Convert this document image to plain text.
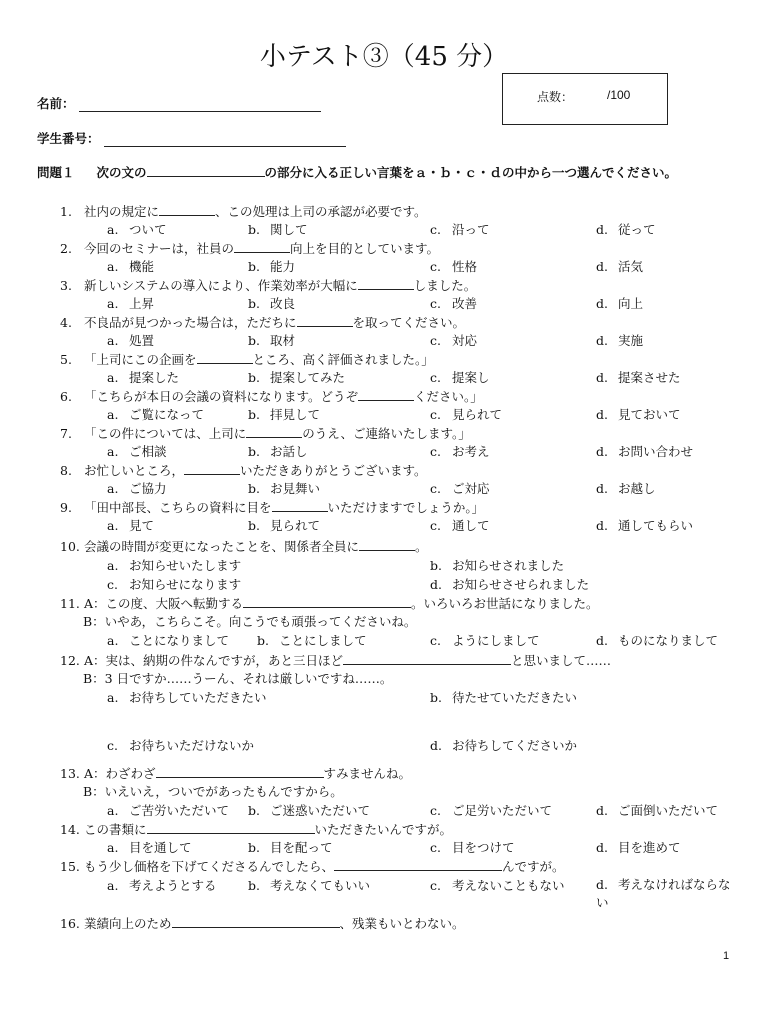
小テスト③（45 分）
点数：	/100
名前：
学生番号：
問題１ 次の文の	の部分に入る正しい言葉をａ・ｂ・ｃ・ｄの中から一つ選んでください。
1. 社内の規定に	、この処理は上司の承認が必要です。
a. ついて	b. 関して	c. 沿って	d. 従って
2. 今回のセミナーは，社員の	向上を目的としています。
a. 機能	b. 能力	c. 性格	d. 活気
3. 新しいシステムの導入により、作業効率が大幅に	しました。
a. 上昇	b. 改良	c. 改善	d. 向上
4. 不良品が見つかった場合は，ただちに	を取ってください。
a. 処置	b. 取材	c. 対応	d. 実施
5. 「上司にこの企画を	ところ、高く評価されました。」
a. 提案した	b. 提案してみた	c. 提案し	d. 提案させた
6. 「こちらが本日の会議の資料になります。どうぞ	ください。」
a. ご覧になって	b. 拝見して	c. 見られて	d. 見ておいて
7. 「この件については、上司に	のうえ、ご連絡いたします。」
a. ご相談	b. お話し	c. お考え	d. お問い合わせ
8. お忙しいところ，	いただきありがとうございます。
a. ご協力	b. お見舞い	c. ご対応	d. お越し
9. 「田中部長、こちらの資料に目を	いただけますでしょうか。」
a. 見て	b. 見られて	c. 通して	d. 通してもらい
10. 会議の時間が変更になったことを、関係者全員に	。
a. お知らせいたします	b. お知らせされました
c. お知らせになります	d. お知らせさせられました
11. A：この度、大阪へ転勤する	。いろいろお世話になりました。
B：いやあ，こちらこそ。向こうでも頑張ってくださいね。
a. ことになりまして b. ことにしまして	c. ようにしまして	d. ものになりまして
12. A：実は、納期の件なんですが，あと三日ほど	と思いまして……
B：3 日ですか……うーん、それは厳しいですね……。
a. お待ちしていただきたい	b. 待たせていただきたい
c. お待ちいただけないか	d. お待ちしてくださいか
13. A：わざわざ	すみませんね。
B：いえいえ，ついでがあったもんですから。
a. ご苦労いただいて b. ご迷惑いただいて	c. ご足労いただいて	d. ご面倒いただいて
14. この書類に	いただきたいんですが。
a. 目を通して	b. 目を配って	c. 目をつけて	d. 目を進めて
15. もう少し価格を下げてくださるんでしたら、	んですが。
a. 考えようとする	b. 考えなくてもいい	c. 考えないこともない	d. 考えなければならない
16. 業績向上のため	、残業もいとわない。
1
